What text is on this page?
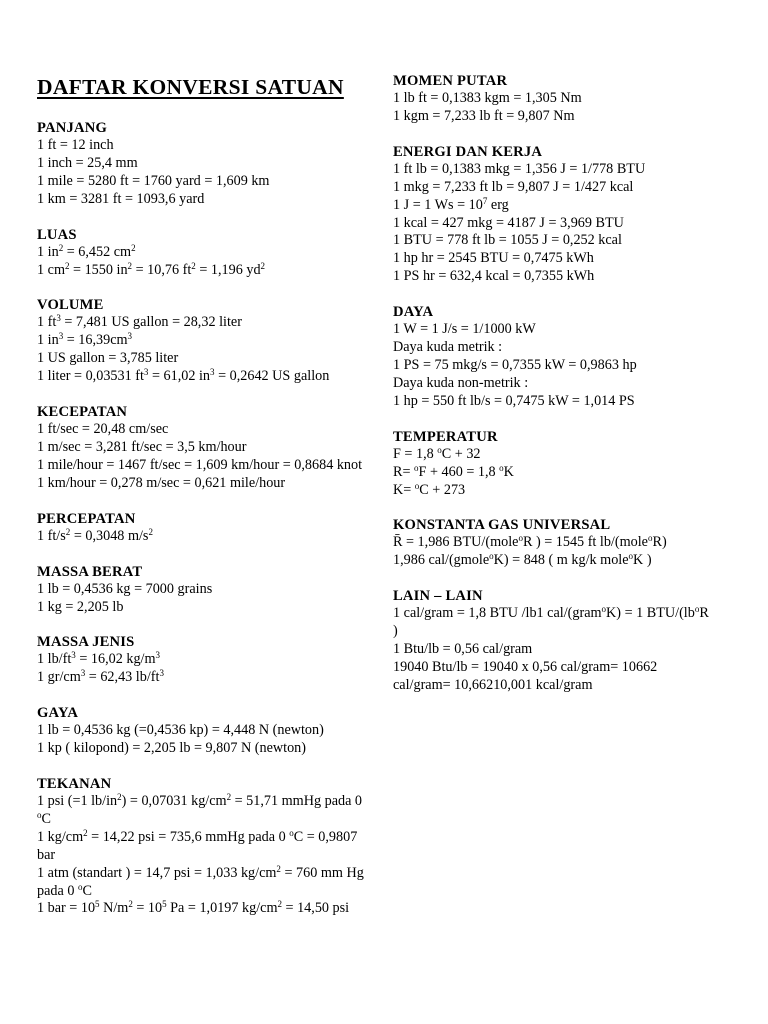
DAFTAR KONVERSI SATUAN
PANJANG
1 ft = 12 inch
1 inch = 25,4 mm
1 mile = 5280 ft = 1760 yard = 1,609 km
1 km = 3281 ft = 1093,6 yard
LUAS
1 $in^2 = 6,452$ $cm^2$
1 $cm^2 = 1550$ $in^2 = 10,76$ $ft^2 = 1,196$ $yd^2$
VOLUME
1 $ft^3 = 7,481$ US gallon = 28,32 liter
1 $in^3 = 16,39cm^3$
1 US gallon = 3,785 liter
1 liter = 0,03531 $ft^3 = 61,02$ $in^3 = 0,2642$ US gallon
KECEPATAN
1 ft/sec = 20,48 cm/sec
1 m/sec = 3,281 ft/sec = 3,5 km/hour
1 mile/hour = 1467 ft/sec = 1,609 km/hour = 0,8684 knot
1 km/hour = 0,278 m/sec = 0,621 mile/hour
PERCEPATAN
1 $ft/s^2 = 0,3048$ $m/s^2$
MASSA BERAT
1 lb = 0,4536 kg = 7000 grains
1 kg = 2,205 lb
MASSA JENIS
1 $lb/ft^3 = 16,02$ $kg/m^3$
1 $gr/cm^3 = 62,43$ $lb/ft^3$
GAYA
1 lb = 0,4536 kg (=0,4536 kp) = 4,448 N (newton)
1 kp ( kilopond) = 2,205 lb = 9,807 N (newton)
TEKANAN
1 psi (=1 $lb/in^2) = 0,07031$ $kg/cm^2 = 51,71$ mmHg pada 0 $^o$C
1 $kg/cm^2 = 14,22$ psi = 735,6 mmHg pada 0 $^o$C = 0,9807 bar
1 atm (standart ) = 14,7 psi = 1,033 $kg/cm^2 = 760$ mm Hg pada 0 $^o$C
1 bar = $10^5$ $N/m^2 = 10^5$ Pa = 1,0197 $kg/cm^2 = 14,50$ psi
MOMEN PUTAR
1 lb ft = 0,1383 kgm = 1,305 Nm
1 kgm = 7,233 lb ft = 9,807 Nm
ENERGI DAN KERJA
1 ft lb = 0,1383 mkg = 1,356 J = 1/778 BTU
1 mkg = 7,233 ft lb = 9,807 J = 1/427 kcal
1 J = 1 $Ws = 10^7$ erg
1 kcal = 427 mkg = 4187 J = 3,969 BTU
1 BTU = 778 ft lb = 1055 J = 0,252 kcal
1 hp hr = 2545 BTU = 0,7475 kWh
1 PS hr = 632,4 kcal = 0,7355 kWh
DAYA
1 W = 1 J/s = 1/1000 kW
Daya kuda metrik :
1 PS = 75 mkg/s = 0,7355 kW = 0,9863 hp
Daya kuda non-metrik :
1 hp = 550 ft lb/s = 0,7475 kW = 1,014 PS
TEMPERATUR
F = 1,8 $^o$C + 32
R= $^o$F + 460 = 1,8 $^o$K
K= $^o$C + 273
KONSTANTA GAS UNIVERSAL
R̄ = 1,986 BTU/(mole$^o$R ) = 1545 ft lb/(mole$^o$R)
1,986 cal/(gmole$^o$K) = 848 ( m kg/k mole$^o$K )
LAIN – LAIN
1 cal/gram = 1,8 BTU /lb1 cal/(gram$^o$K) = 1 BTU/($lb^oR$ )
1 Btu/lb = 0,56 cal/gram
19040 Btu/lb = 19040 x 0,56 cal/gram= 10662 cal/gram= 10,66210,001 kcal/gram
